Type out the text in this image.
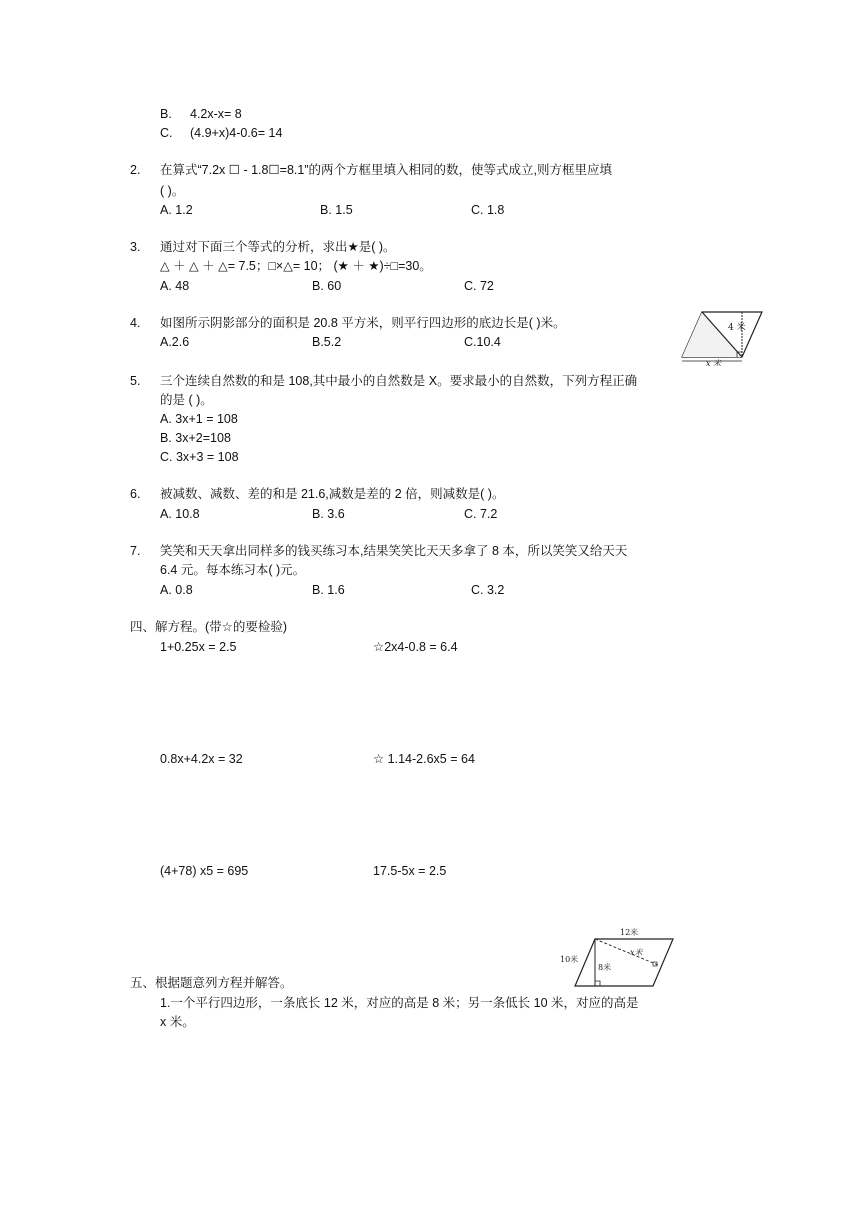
B. 4.2x-x= 8
C. (4.9+x)4-0.6= 14
2. 在算式“7.2x ☐ - 1.8☐=8.1”的两个方框里填入相同的数，使等式成立,则方框里应填
( )。
A. 1.2	B. 1.5	C. 1.8
3. 通过对下面三个等式的分析，求出★是( )。
△ ＋ △ ＋ △= 7.5；□×△= 10； (★ ＋ ★)÷□=30。
A. 48	B. 60	C. 72
4. 如图所示阴影部分的面积是 20.8 平方米，则平行四边形的底边长是( )米。
A.2.6	B.5.2	C.10.4
4 米
x 米
5. 三个连续自然数的和是 108,其中最小的自然数是 X。要求最小的自然数，下列方程正确
的是 ( )。
A. 3x+1 = 108
B. 3x+2=108
C. 3x+3 = 108
6. 被减数、减数、差的和是 21.6,减数是差的 2 倍，则减数是( )。
A. 10.8	B. 3.6	C. 7.2
7. 笑笑和天天拿出同样多的钱买练习本,结果笑笑比天天多拿了 8 本，所以笑笑又给天天
6.4 元。每本练习本( )元。
A. 0.8	B. 1.6	C. 3.2
四、解方程。(带☆的要检验)
1+0.25x = 2.5	☆2x4-0.8 = 6.4
0.8x+4.2x = 32	☆ 1.14-2.6x5 = 64
(4+78) x5 = 695	17.5-5x = 2.5
12米
10米
8米
x米
五、根据题意列方程并解答。
1.一个平行四边形，一条底长 12 米，对应的高是 8 米；另一条低长 10 米，对应的高是
x 米。
